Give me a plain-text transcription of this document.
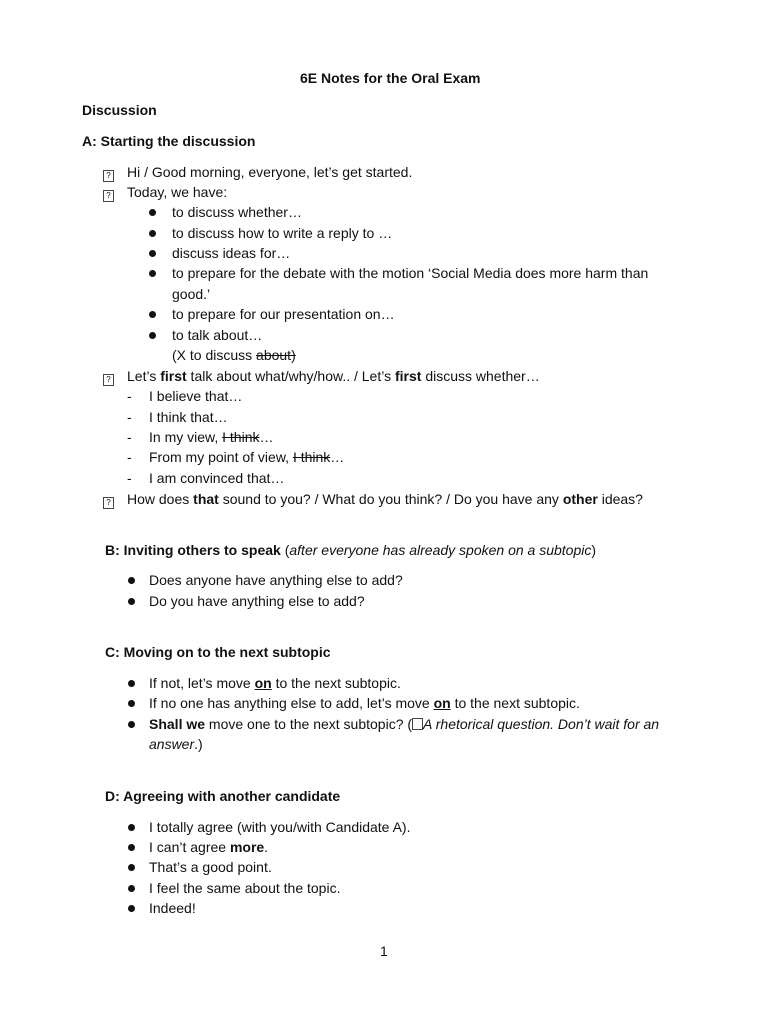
6E Notes for the Oral Exam
Discussion
A: Starting the discussion
? Hi / Good morning, everyone, let’s get started.
? Today, we have:
to discuss whether…
to discuss how to write a reply to …
discuss ideas for…
to prepare for the debate with the motion ‘Social Media does more harm than
good.’
to prepare for our presentation on…
to talk about…
(X to discuss about)
? Let’s first talk about what/why/how.. / Let’s first discuss whether…
- I believe that…
- I think that…
- In my view, I think…
- From my point of view, I think…
- I am convinced that…
? How does that sound to you? / What do you think? / Do you have any other ideas?
B: Inviting others to speak (after everyone has already spoken on a subtopic)
Does anyone have anything else to add?
Do you have anything else to add?
C: Moving on to the next subtopic
If not, let’s move on to the next subtopic.
If no one has anything else to add, let’s move on to the next subtopic.
Shall we move one to the next subtopic? ( A rhetorical question. Don’t wait for an
answer.)
D: Agreeing with another candidate
I totally agree (with you/with Candidate A).
I can’t agree more.
That’s a good point.
I feel the same about the topic.
Indeed!
1
